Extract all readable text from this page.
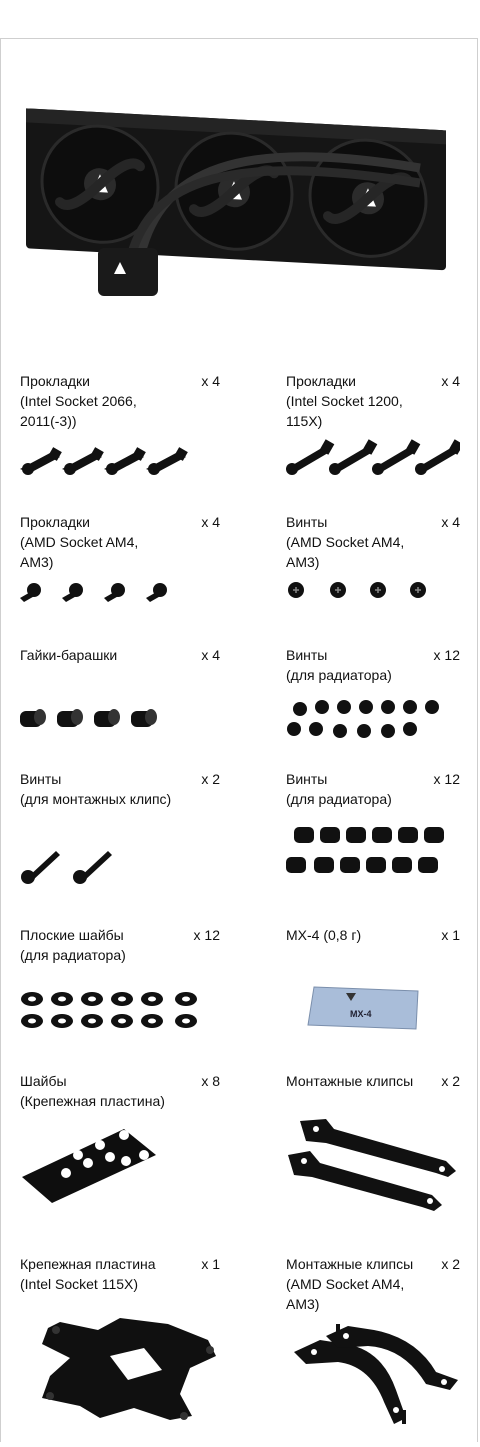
Прокладки
(Intel Socket 2066, 2011(-3))
x 4	Прокладки
(Intel Socket 1200, 115X)
x 4
Прокладки
(AMD Socket AM4, AM3)
x 4	Винты
(AMD Socket AM4, AM3)
x 4
Гайки-барашки	x 4	Винты
(для радиатора)
x 12
Винты
(для монтажных клипс)
x 2	Винты
(для радиатора)
x 12
Плоские шайбы
(для радиатора)
x 12	MX-4 (0,8 г)	x 1
MX-4
Шайбы
(Крепежная пластина)
x 8	Монтажные клипсы	x 2
Крепежная пластина
(Intel Socket 115X)
x 1	Монтажные клипсы
(AMD Socket AM4, AM3)
x 2
